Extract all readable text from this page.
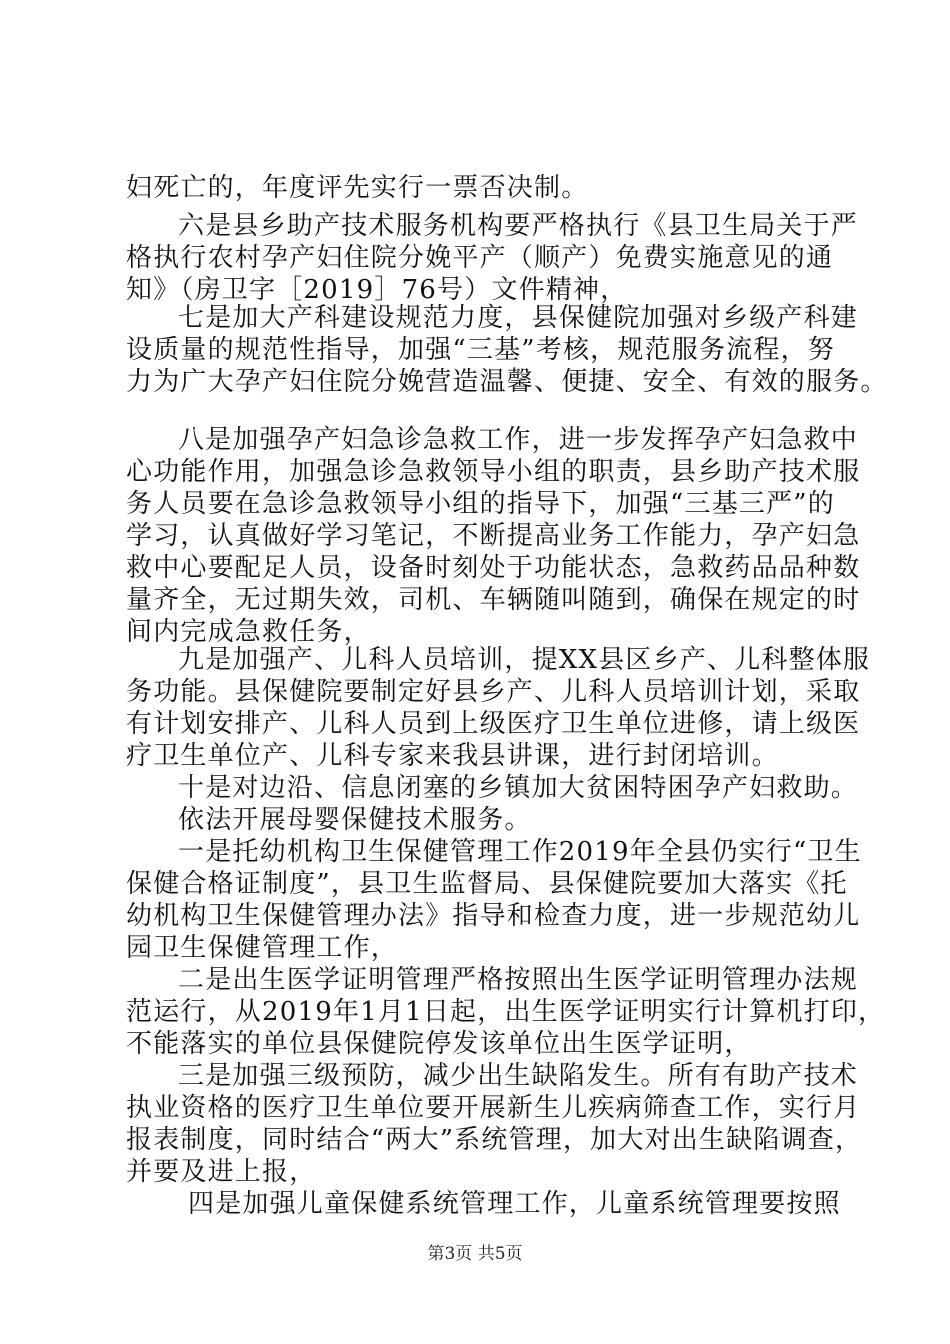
妇死亡的，年度评先实行一票否决制。
六是县乡助产技术服务机构要严格执行《县卫生局关于严
格执行农村孕产妇住院分娩平产（顺产）免费实施意见的通
知》（房卫字［2019］76号）文件精神，
七是加大产科建设规范力度，县保健院加强对乡级产科建
设质量的规范性指导，加强“三基”考核，规范服务流程，努
力为广大孕产妇住院分娩营造温馨、便捷、安全、有效的服务。
八是加强孕产妇急诊急救工作，进一步发挥孕产妇急救中
心功能作用，加强急诊急救领导小组的职责，县乡助产技术服
务人员要在急诊急救领导小组的指导下，加强“三基三严”的
学习，认真做好学习笔记，不断提高业务工作能力，孕产妇急
救中心要配足人员，设备时刻处于功能状态，急救药品品种数
量齐全，无过期失效，司机、车辆随叫随到，确保在规定的时
间内完成急救任务，
九是加强产、儿科人员培训，提XX县区乡产、儿科整体服
务功能。县保健院要制定好县乡产、儿科人员培训计划，采取
有计划安排产、儿科人员到上级医疗卫生单位进修，请上级医
疗卫生单位产、儿科专家来我县讲课，进行封闭培训。
十是对边沿、信息闭塞的乡镇加大贫困特困孕产妇救助。
依法开展母婴保健技术服务。
一是托幼机构卫生保健管理工作2019年全县仍实行“卫生
保健合格证制度”，县卫生监督局、县保健院要加大落实《托
幼机构卫生保健管理办法》指导和检查力度，进一步规范幼儿
园卫生保健管理工作，
二是出生医学证明管理严格按照出生医学证明管理办法规
范运行，从2019年1月1日起，出生医学证明实行计算机打印，
不能落实的单位县保健院停发该单位出生医学证明，
三是加强三级预防，减少出生缺陷发生。所有有助产技术
执业资格的医疗卫生单位要开展新生儿疾病筛查工作，实行月
报表制度，同时结合“两大”系统管理，加大对出生缺陷调查，
并要及进上报，
四是加强儿童保健系统管理工作，儿童系统管理要按照
第3页 共5页
